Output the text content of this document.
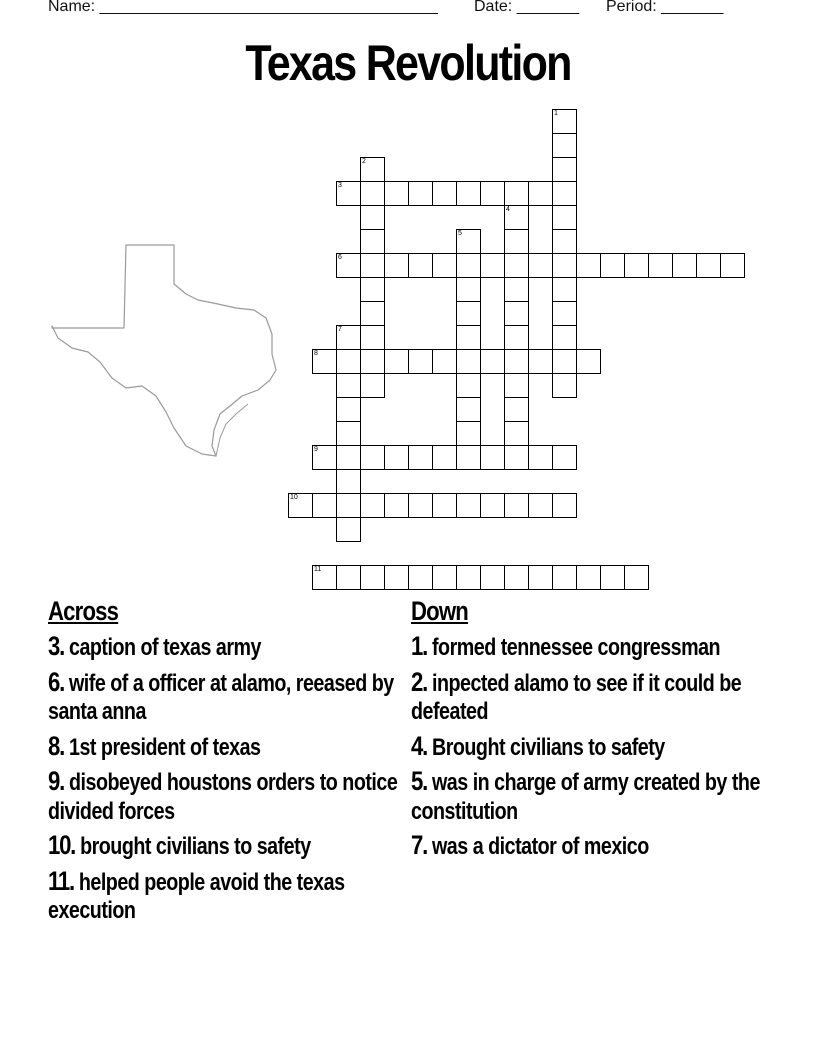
Name: ______________________________________ Date: _______ Period: _______
Texas Revolution
1
2
3
4
5
6
7
8
9
10
11
Across
3. caption of texas army
6. wife of a officer at alamo, reeased by santa anna
8. 1st president of texas
9. disobeyed houstons orders to notice divided forces
10. brought civilians to safety
11. helped people avoid the texas execution
Down
1. formed tennessee congressman
2. inpected alamo to see if it could be defeated
4. Brought civilians to safety
5. was in charge of army created by the constitution
7. was a dictator of mexico
